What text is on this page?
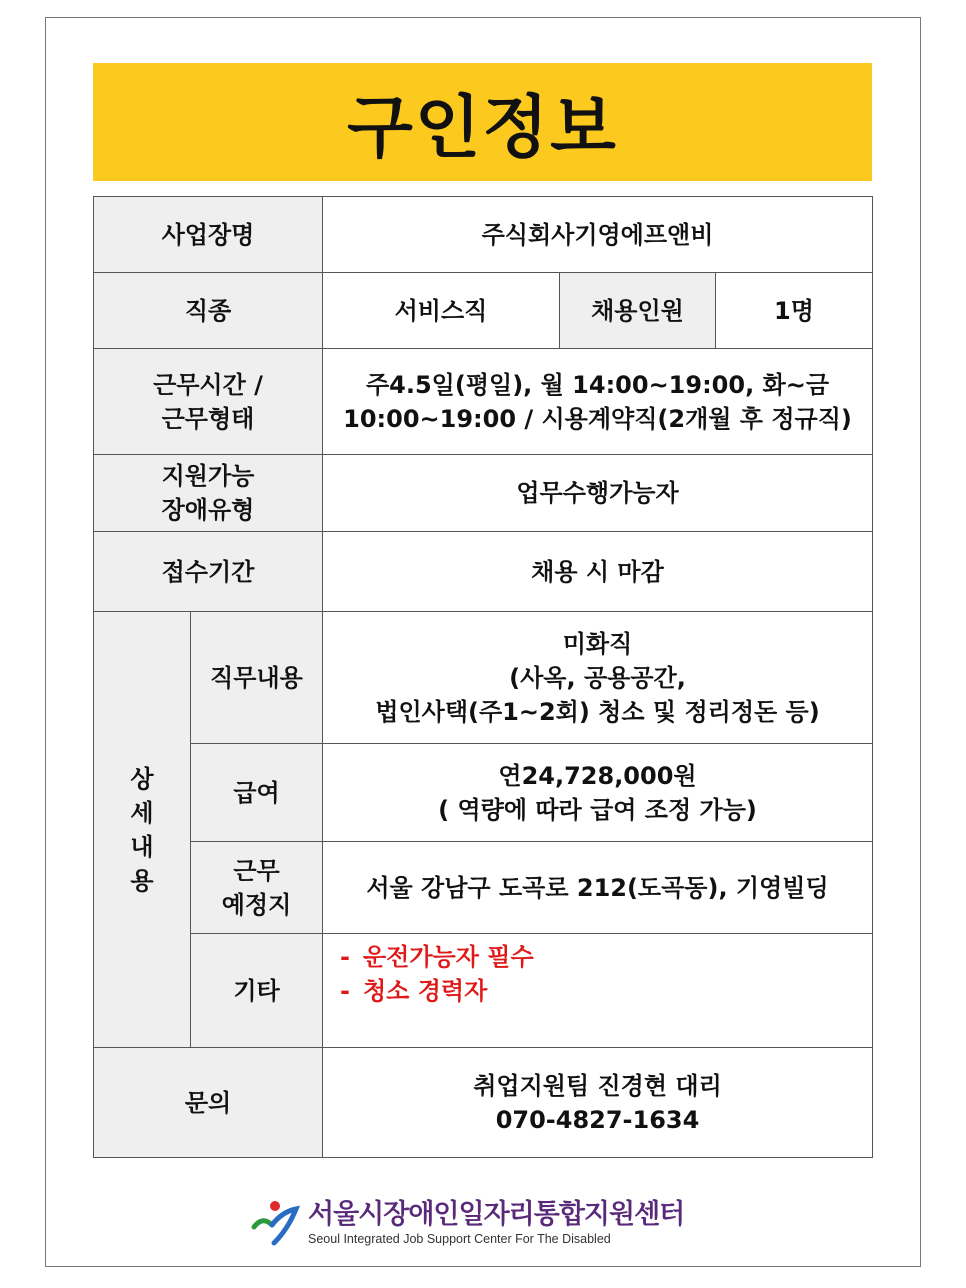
구인정보
사업장명		주식회사기영에프앤비		
직종		서비스직	채용인원	1명

근무시간 /
근무형태		주4.5일(평일), 월 14:00~19:00, 화~금
10:00~19:00 / 시용계약직(2개월 후 정규직)		

지원가능
장애유형		업무수행가능자		
접수기간		채용 시 마감		

상
세
내
용	직무내용	미화직
(사옥, 공용공간,
법인사택(주1~2회) 청소 및 정리정돈 등)		

	급여	연24,728,000원
( 역량에 따라 급여 조정 가능)		

	근무
예정지	서울 강남구 도곡로 212(도곡동), 기영빌딩		
	기타	- 운전가능자 필수
- 청소 경력자		

문의		취업지원팀 진경현 대리
070-4827-1634		
서울시장애인일자리통합지원센터
Seoul Integrated Job Support Center For The Disabled
